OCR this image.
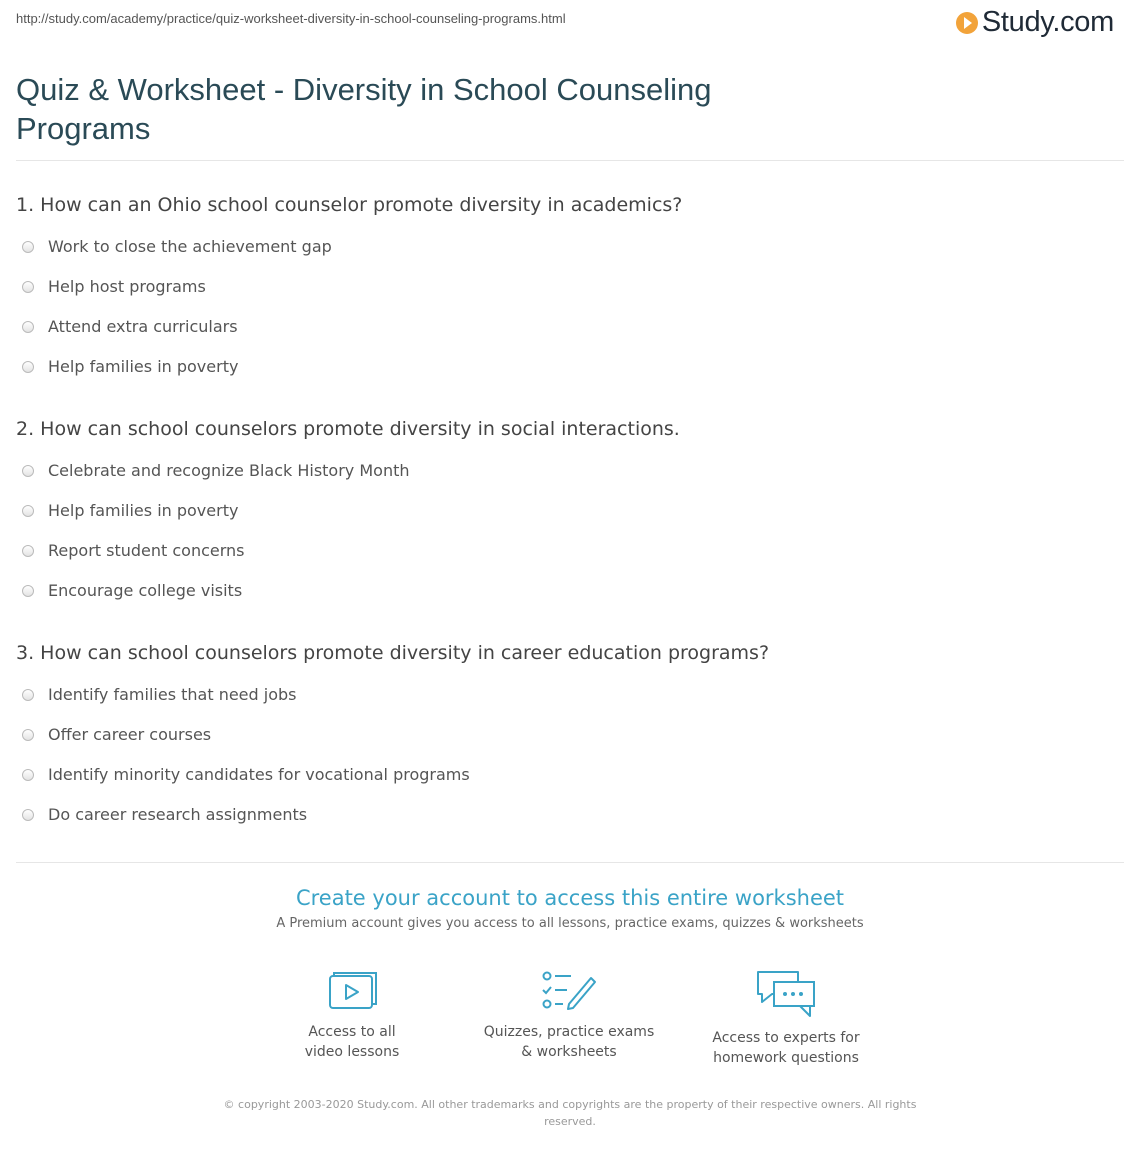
http://study.com/academy/practice/quiz-worksheet-diversity-in-school-counseling-programs.html	Study.com
Quiz & Worksheet - Diversity in School Counseling Programs
1. How can an Ohio school counselor promote diversity in academics?
Work to close the achievement gap
Help host programs
Attend extra curriculars
Help families in poverty
2. How can school counselors promote diversity in social interactions.
Celebrate and recognize Black History Month
Help families in poverty
Report student concerns
Encourage college visits
3. How can school counselors promote diversity in career education programs?
Identify families that need jobs
Offer career courses
Identify minority candidates for vocational programs
Do career research assignments
Create your account to access this entire worksheet
A Premium account gives you access to all lessons, practice exams, quizzes & worksheets
Access to all
video lessons
Quizzes, practice exams
& worksheets
Access to experts for
homework questions
© copyright 2003-2020 Study.com. All other trademarks and copyrights are the property of their respective owners. All rights reserved.
